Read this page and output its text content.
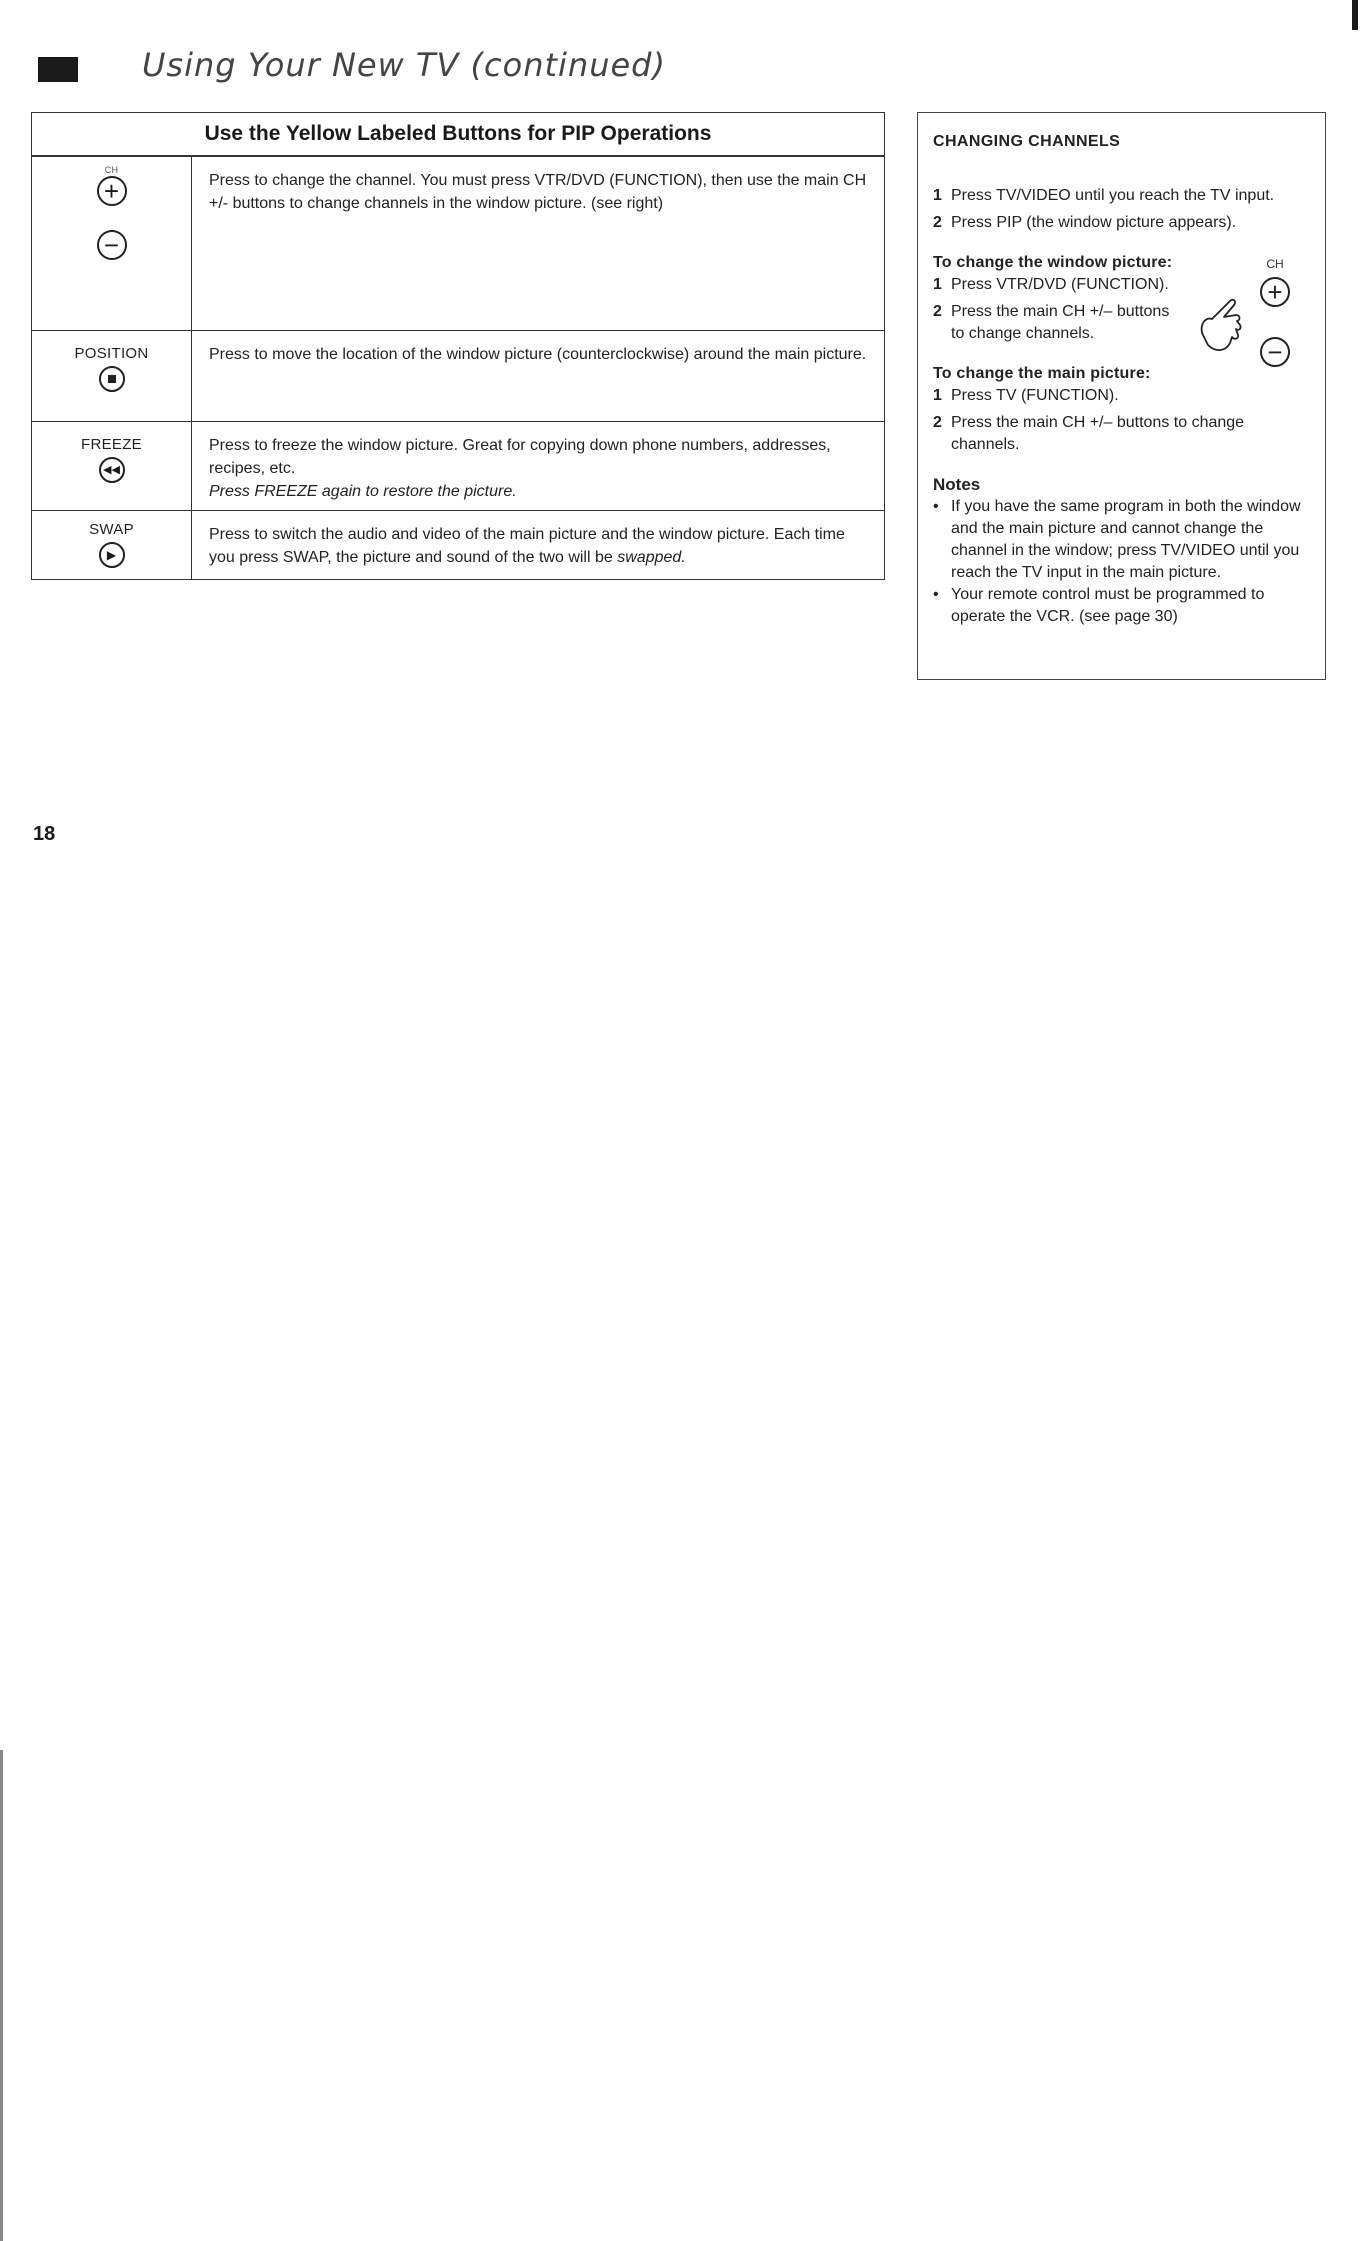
Using Your New TV (continued)
Use the Yellow Labeled Buttons for PIP Operations
CH
+
−
Press to change the channel. You must press VTR/DVD (FUNCTION), then use the main CH +/- buttons to change channels in the window picture. (see right)
POSITION	Press to move the location of the window picture (counterclockwise) around the main picture.
FREEZE
◀◀
Press to freeze the window picture. Great for copying down phone numbers, addresses, recipes, etc.
Press FREEZE again to restore the picture.
SWAP
▶
Press to switch the audio and video of the main picture and the window picture. Each time you press SWAP, the picture and sound of the two will be swapped.
CHANGING CHANNELS
1 Press TV/VIDEO until you reach the TV input.
2 Press PIP (the window picture appears).
To change the window picture:
1 Press VTR/DVD (FUNCTION).
2 Press the main CH +/– buttons to change channels.
To change the main picture:
1 Press TV (FUNCTION).
2 Press the main CH +/– buttons to change channels.
Notes
• If you have the same program in both the window and the main picture and cannot change the channel in the window; press TV/VIDEO until you reach the TV input in the main picture.
• Your remote control must be programmed to operate the VCR. (see page 30)
CH
+
−
18
